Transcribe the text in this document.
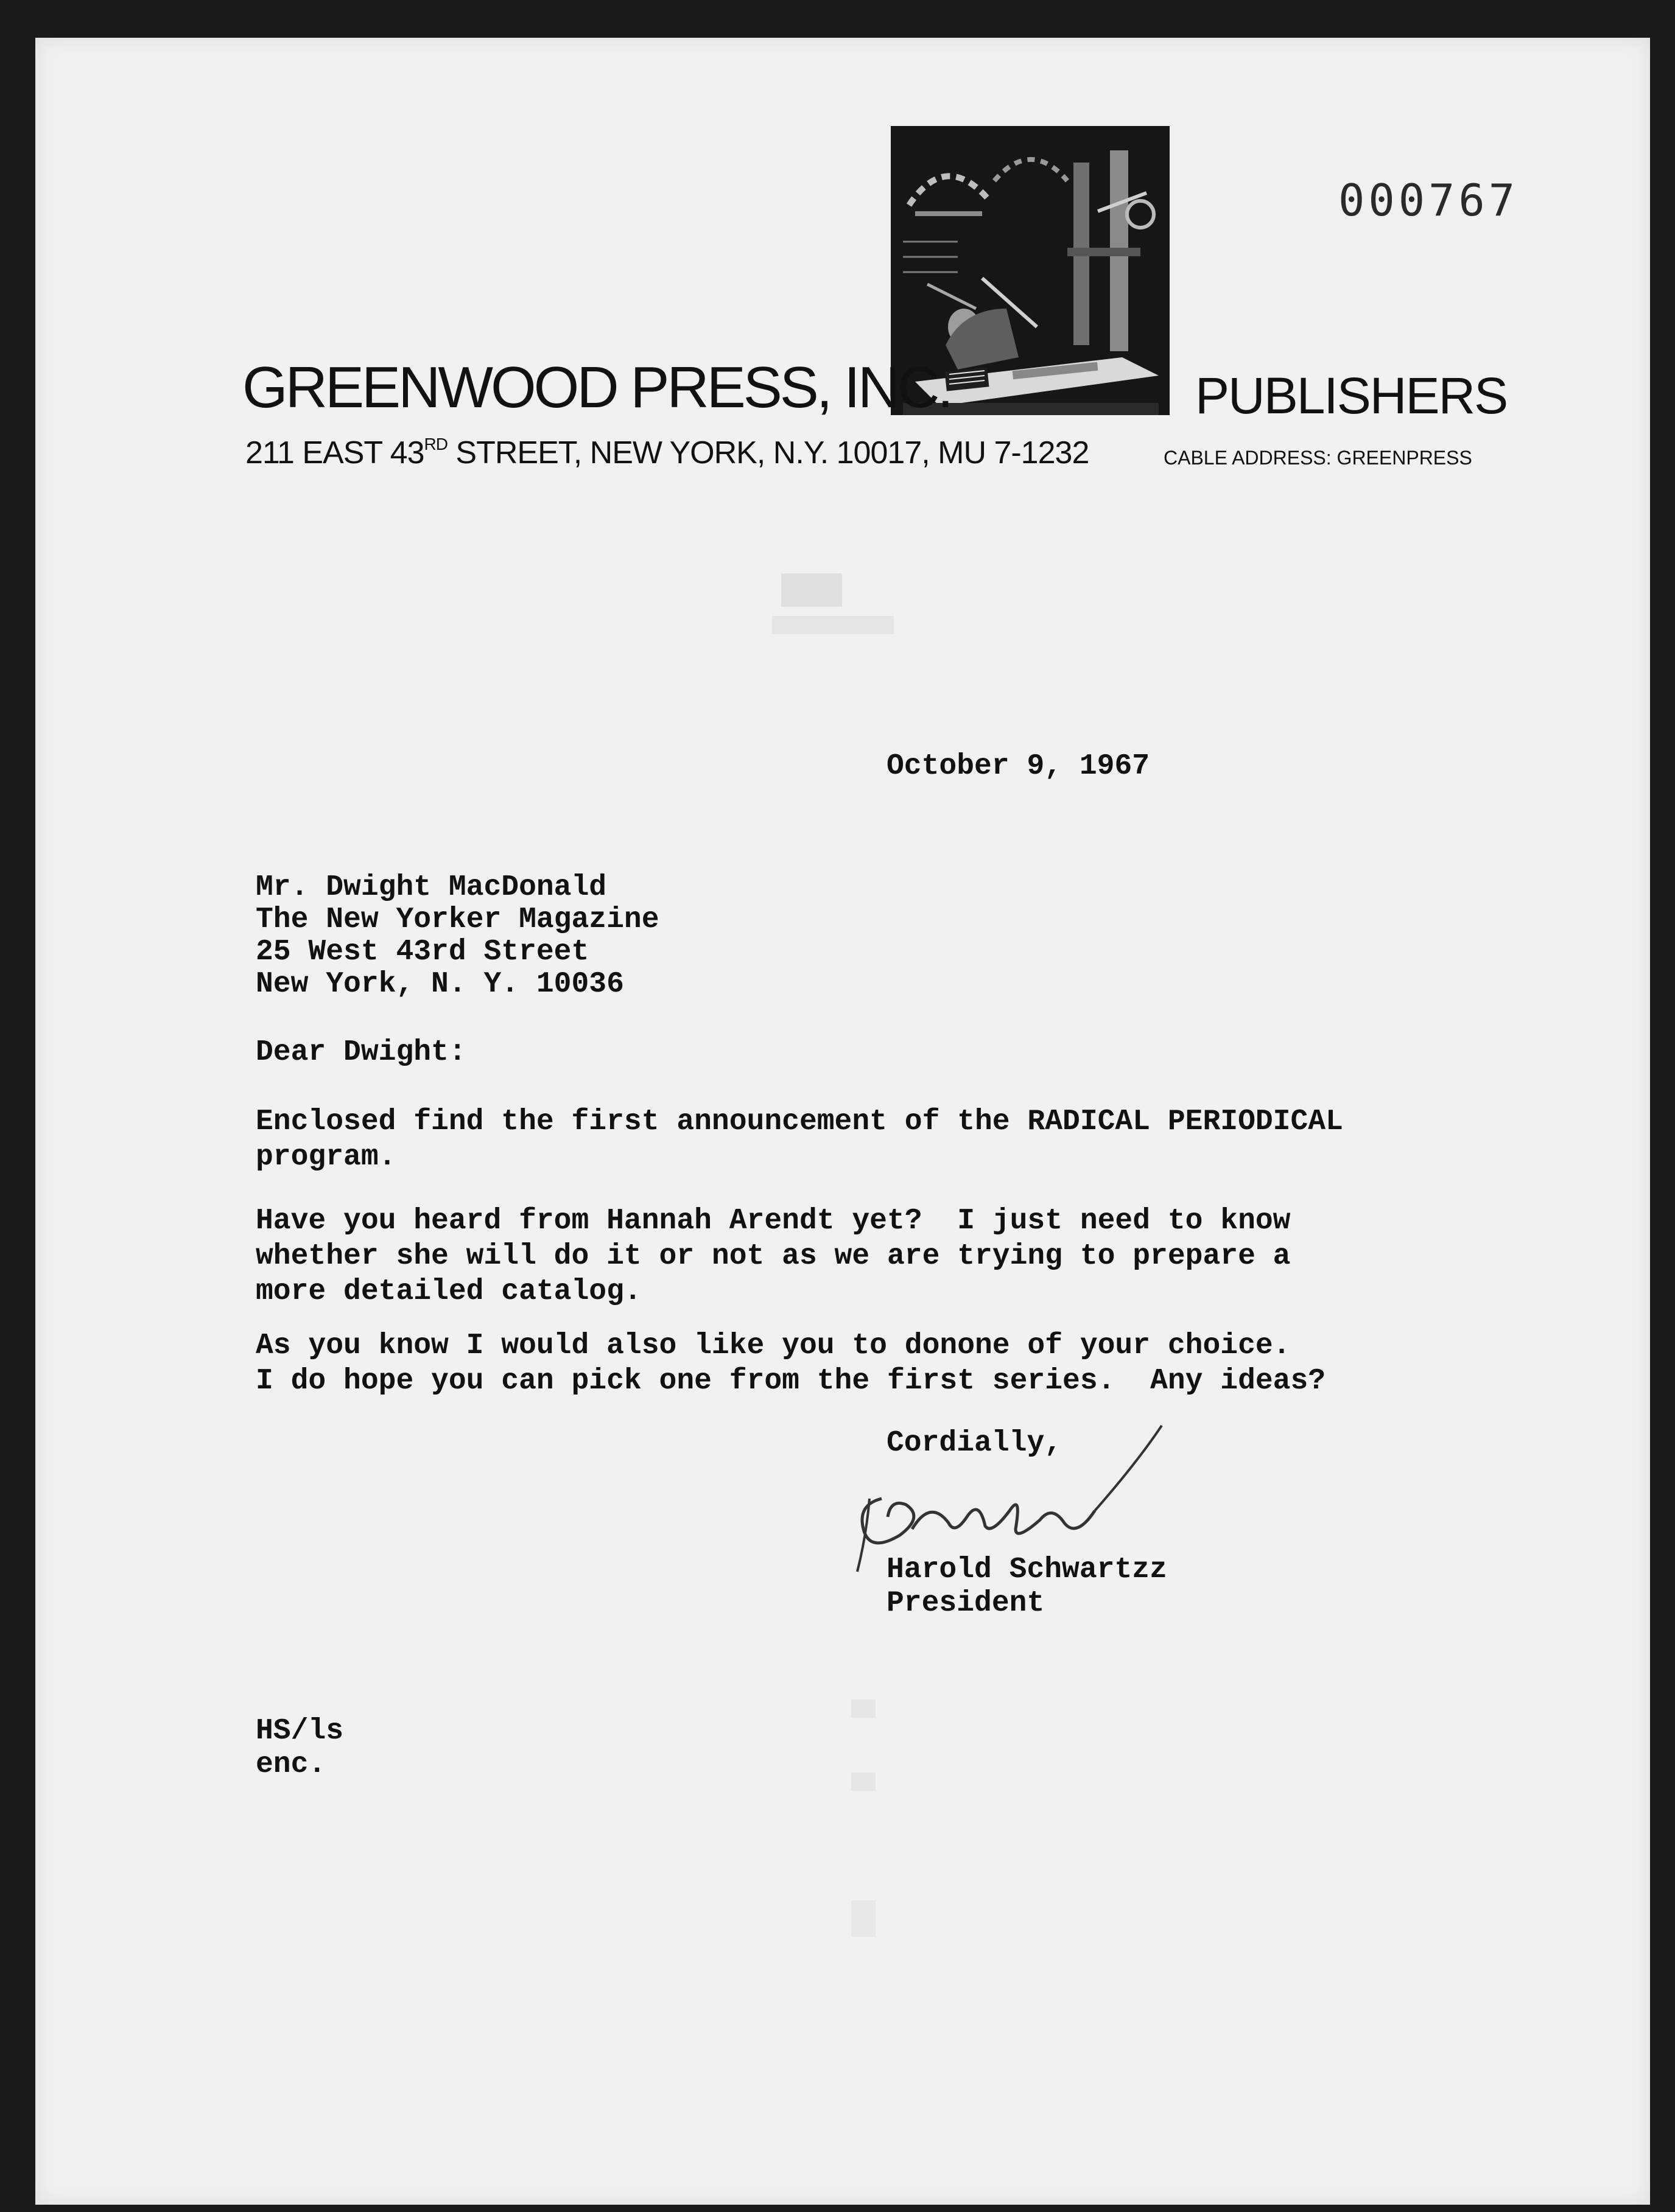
000767

GREENWOOD PRESS, INC.	PUBLISHERS

211 EAST 43RD STREET, NEW YORK, N.Y. 10017, MU 7-1232	CABLE ADDRESS: GREENPRESS

October 9, 1967

Mr. Dwight MacDonald
The New Yorker Magazine
25 West 43rd Street
New York, N. Y. 10036

Dear Dwight:

Enclosed find the first announcement of the RADICAL PERIODICAL
program.

Have you heard from Hannah Arendt yet?  I just need to know
whether she will do it or not as we are trying to prepare a
more detailed catalog.

As you know I would also like you to donone of your choice.
I do hope you can pick one from the first series.  Any ideas?

Cordially,

Harold Schwartzz
President
HS/ls
enc.
